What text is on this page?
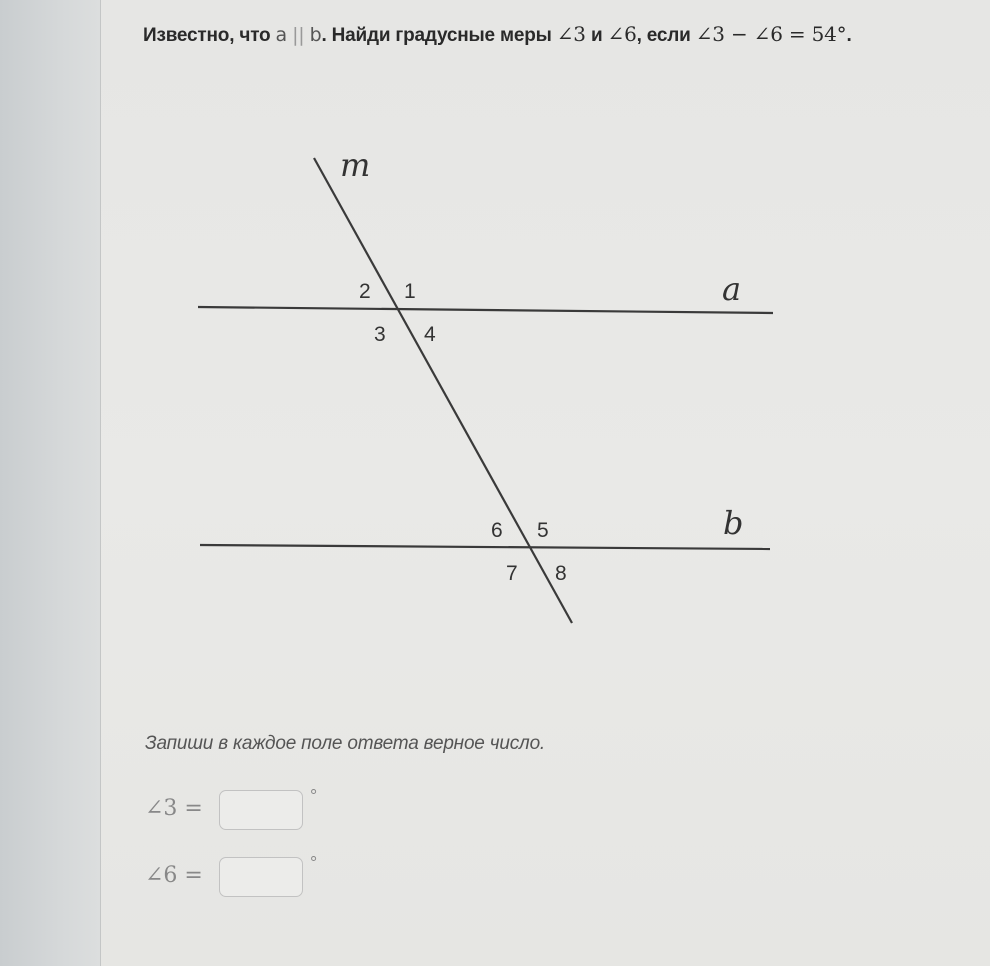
Известно, что a || b. Найди градусные меры ∠3 и ∠6, если ∠3 − ∠6 = 54°.
m
a
b
1
2
3 4
5
6
7 8
Запиши в каждое поле ответа верное число.
∠3 =	°
∠6 =	°
